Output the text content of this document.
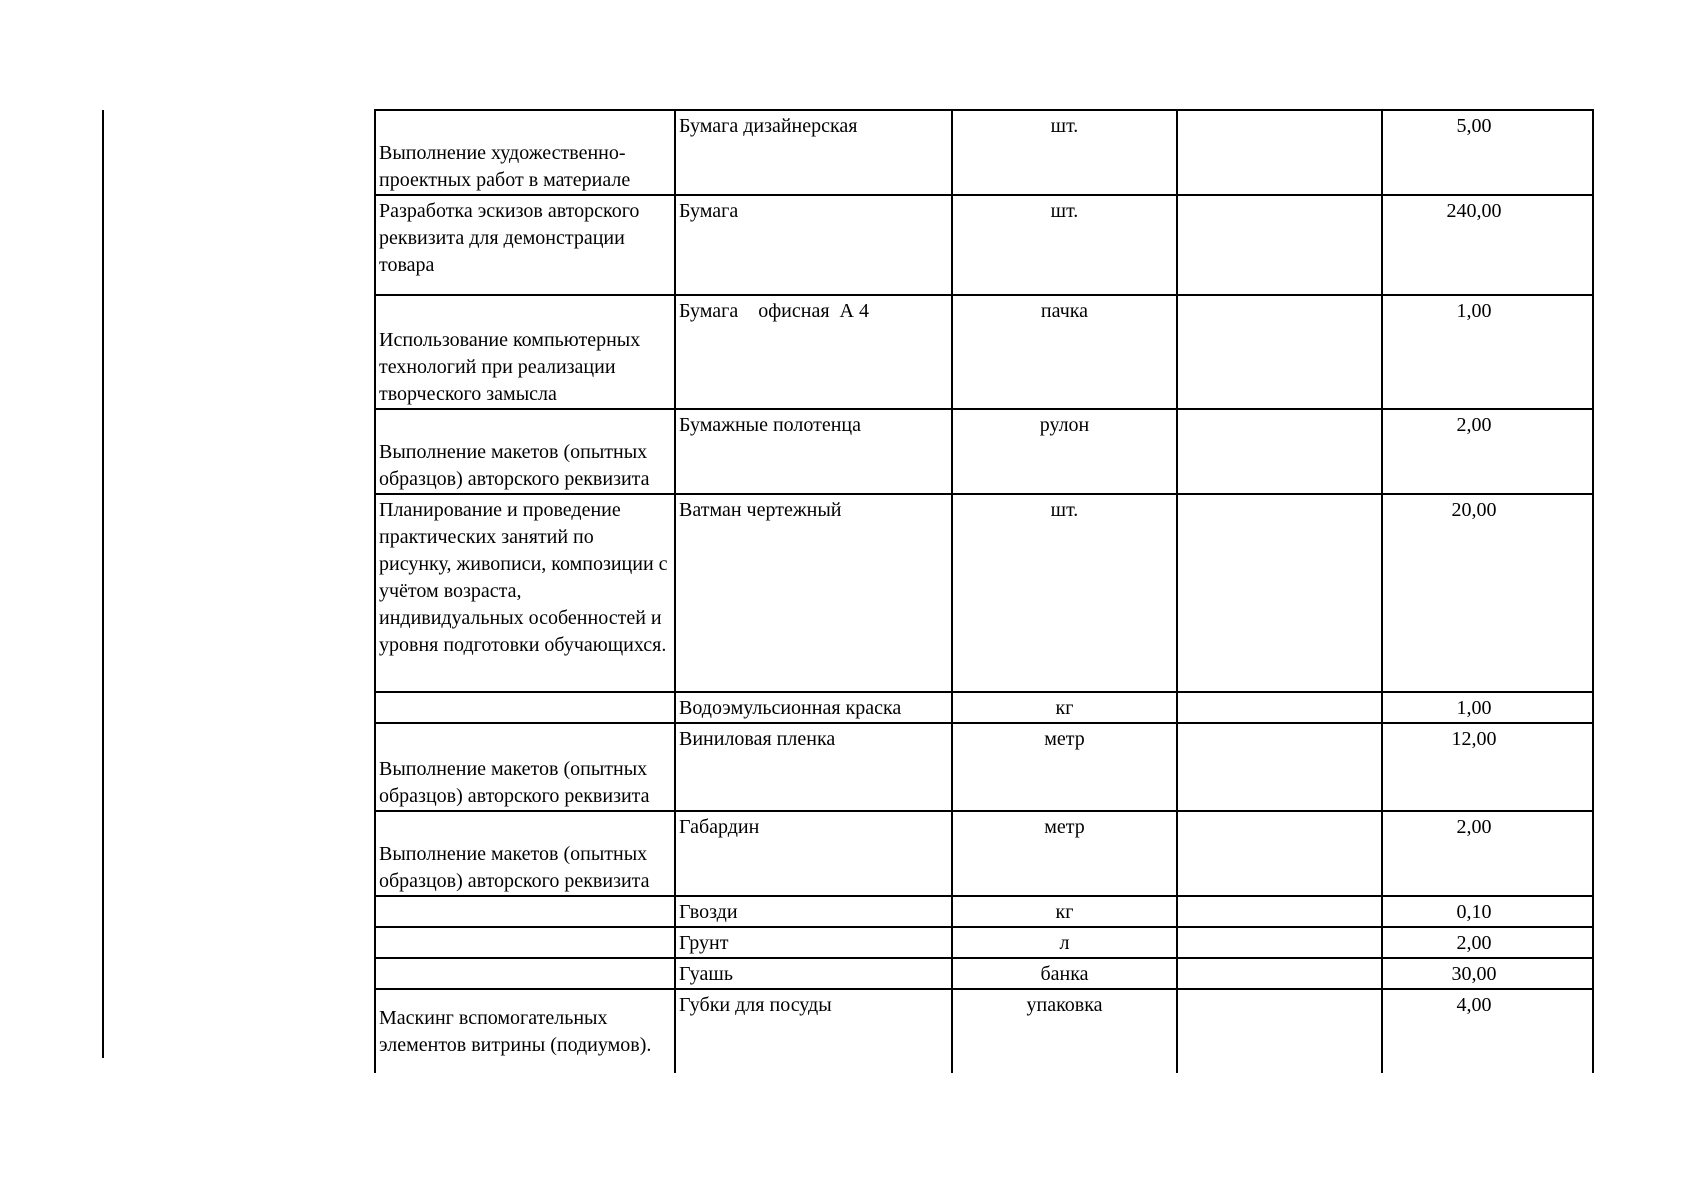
Выполнение художественно-проектных работ в материале	Бумага дизайнерская	шт.		5,00
Разработка эскизов авторского реквизита для демонстрации товара	Бумага	шт.		240,00
Использование компьютерных технологий при реализации творческого замысла	Бумага    офисная  А 4	пачка		1,00
Выполнение макетов (опытных образцов) авторского реквизита	Бумажные полотенца	рулон		2,00
Планирование и проведение практических занятий по рисунку, живописи, композиции с учётом возраста, индивидуальных особенностей и уровня подготовки обучающихся.	Ватман чертежный	шт.		20,00
	Водоэмульсионная краска	кг		1,00
Выполнение макетов (опытных образцов) авторского реквизита	Виниловая пленка	метр		12,00
Выполнение макетов (опытных образцов) авторского реквизита	Габардин	метр		2,00
	Гвозди	кг		0,10
	Грунт	л		2,00
	Гуашь	банка		30,00
Маскинг вспомогательных элементов витрины (подиумов).	Губки для посуды	упаковка		4,00
